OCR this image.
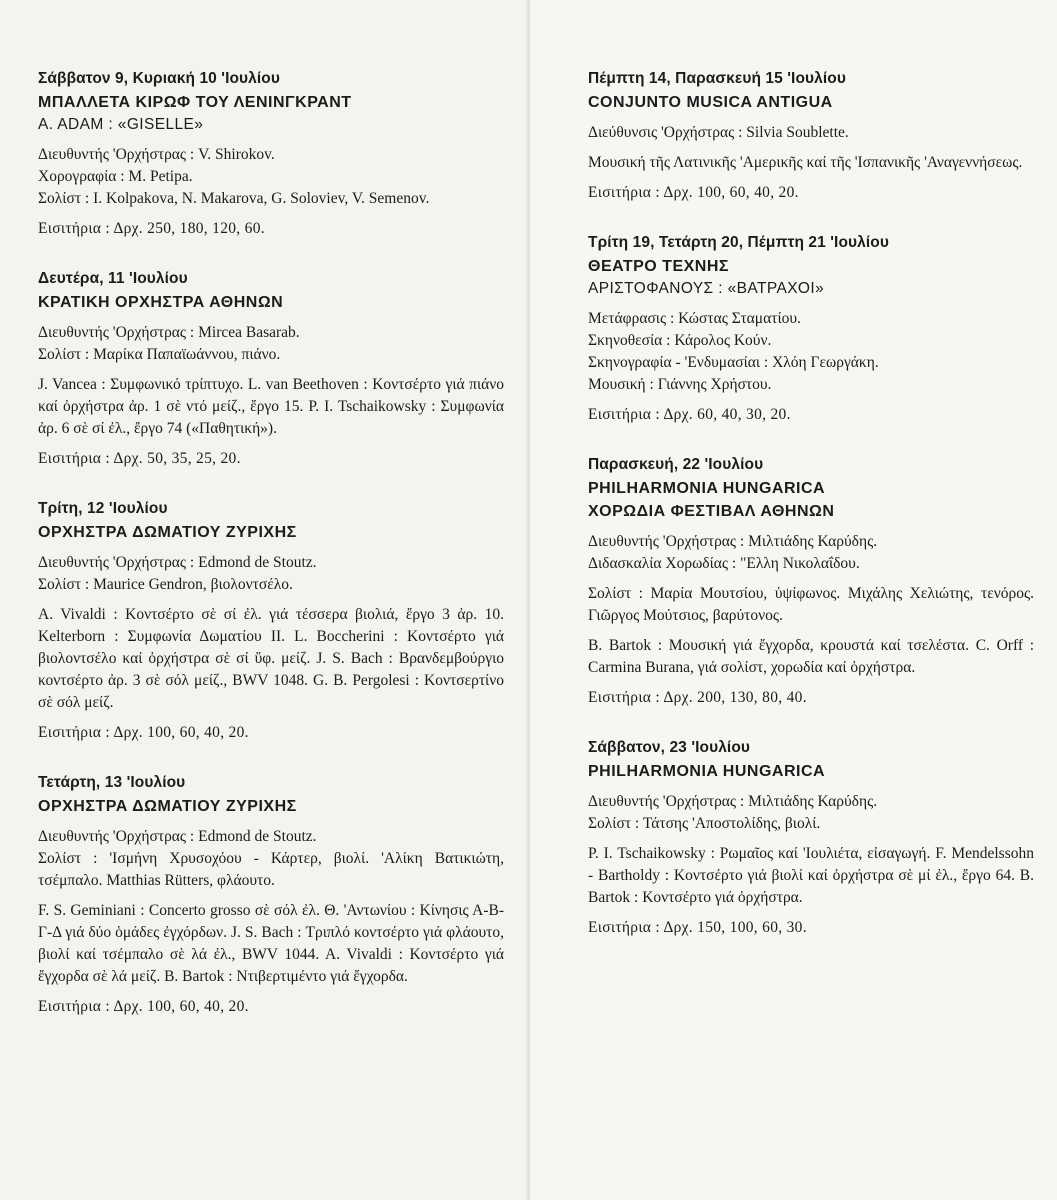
Σάββατον 9, Κυριακή 10 'Ιουλίου

ΜΠΑΛΛΕΤΑ ΚΙΡΩΦ ΤΟΥ ΛΕΝΙΝΓΚΡΑΝΤ

A. ADAM : «GISELLE»

Διευθυντής 'Ορχήστρας : V. Shirokov.

Χορογραφία : M. Petipa.

Σολίστ : I. Kolpakova, N. Makarova, G. Soloviev, V. Semenov.

Εισιτήρια : Δρχ. 250, 180, 120, 60.

Δευτέρα, 11 'Ιουλίου

ΚΡΑΤΙΚΗ ΟΡΧΗΣΤΡΑ ΑΘΗΝΩΝ

Διευθυντής 'Ορχήστρας : Mircea Basarab.

Σολίστ : Μαρίκα Παπαϊωάννου, πιάνο.

J. Vancea : Συμφωνικό τρίπτυχο. L. van Beethoven : Κοντσέρτο γιά πιάνο καί ὀρχήστρα ἀρ. 1 σὲ ντό μείζ., ἔργο 15. P. I. Tschaikowsky : Συμφωνία ἀρ. 6 σὲ σί ἐλ., ἔργο 74 («Παθητική»).

Εισιτήρια : Δρχ. 50, 35, 25, 20.

Τρίτη, 12 'Ιουλίου

ΟΡΧΗΣΤΡΑ ΔΩΜΑΤΙΟΥ ΖΥΡΙΧΗΣ

Διευθυντής 'Ορχήστρας : Edmond de Stoutz.

Σολίστ : Maurice Gendron, βιολοντσέλο.

A. Vivaldi : Κοντσέρτο σὲ σί ἐλ. γιά τέσσερα βιολιά, ἔργο 3 ἀρ. 10. Kelterborn : Συμφωνία Δωματίου II. L. Boccherini : Κοντσέρτο γιά βιολοντσέλο καί ὀρχήστρα σὲ σί ὕφ. μείζ. J. S. Bach : Βρανδεμβούργιο κοντσέρτο ἀρ. 3 σὲ σόλ μείζ., BWV 1048. G. B. Pergolesi : Κοντσερτίνο σὲ σόλ μείζ.

Εισιτήρια : Δρχ. 100, 60, 40, 20.

Τετάρτη, 13 'Ιουλίου

ΟΡΧΗΣΤΡΑ ΔΩΜΑΤΙΟΥ ΖΥΡΙΧΗΣ

Διευθυντής 'Ορχήστρας : Edmond de Stoutz.

Σολίστ : 'Ισμήνη Χρυσοχόου - Κάρτερ, βιολί. 'Αλίκη Βατικιώτη, τσέμπαλο. Matthias Rütters, φλάουτο.

F. S. Geminiani : Concerto grosso σὲ σόλ ἐλ. Θ. 'Αντωνίου : Κίνησις Α-Β-Γ-Δ γιά δύο ὁμάδες ἐγχόρδων. J. S. Bach : Τριπλό κοντσέρτο γιά φλάουτο, βιολί καί τσέμπαλο σὲ λά ἐλ., BWV 1044. A. Vivaldi : Κοντσέρτο γιά ἔγχορδα σὲ λά μείζ. B. Bartok : Ντιβερτιμέντο γιά ἔγχορδα.

Εισιτήρια : Δρχ. 100, 60, 40, 20.

Πέμπτη 14, Παρασκευή 15 'Ιουλίου

CONJUNTO MUSICA ANTIGUA

Διεύθυνσις 'Ορχήστρας : Silvia Soublette.

Μουσική τῆς Λατινικῆς 'Αμερικῆς καί τῆς 'Ισπανικῆς 'Αναγεννήσεως.

Εισιτήρια : Δρχ. 100, 60, 40, 20.

Τρίτη 19, Τετάρτη 20, Πέμπτη 21 'Ιουλίου

ΘΕΑΤΡΟ ΤΕΧΝΗΣ

ΑΡΙΣΤΟΦΑΝΟΥΣ : «ΒΑΤΡΑΧΟΙ»

Μετάφρασις : Κώστας Σταματίου.

Σκηνοθεσία : Κάρολος Κούν.

Σκηνογραφία - 'Ενδυμασίαι : Χλόη Γεωργάκη.

Μουσική : Γιάννης Χρήστου.

Εισιτήρια : Δρχ. 60, 40, 30, 20.

Παρασκευή, 22 'Ιουλίου

PHILHARMONIA HUNGARICA

ΧΟΡΩΔΙΑ ΦΕΣΤΙΒΑΛ ΑΘΗΝΩΝ

Διευθυντής 'Ορχήστρας : Μιλτιάδης Καρύδης.

Διδασκαλία Χορωδίας : "Ελλη Νικολαΐδου.

Σολίστ : Μαρία Μουτσίου, ὑψίφωνος. Μιχάλης Χελιώτης, τενόρος. Γιῶργος Μούτσιος, βαρύτονος.

B. Bartok : Μουσική γιά ἔγχορδα, κρουστά καί τσελέστα. C. Orff : Carmina Burana, γιά σολίστ, χορωδία καί ὀρχήστρα.

Εισιτήρια : Δρχ. 200, 130, 80, 40.

Σάββατον, 23 'Ιουλίου

PHILHARMONIA HUNGARICA

Διευθυντής 'Ορχήστρας : Μιλτιάδης Καρύδης.

Σολίστ : Τάτσης 'Αποστολίδης, βιολί.

P. I. Tschaikowsky : Ρωμαῖος καί 'Ιουλιέτα, εἰσαγωγή. F. Mendelssohn - Bartholdy : Κοντσέρτο γιά βιολί καί ὀρχήστρα σὲ μί ἐλ., ἔργο 64. B. Bartok : Κοντσέρτο γιά ὀρχήστρα.

Εισιτήρια : Δρχ. 150, 100, 60, 30.
